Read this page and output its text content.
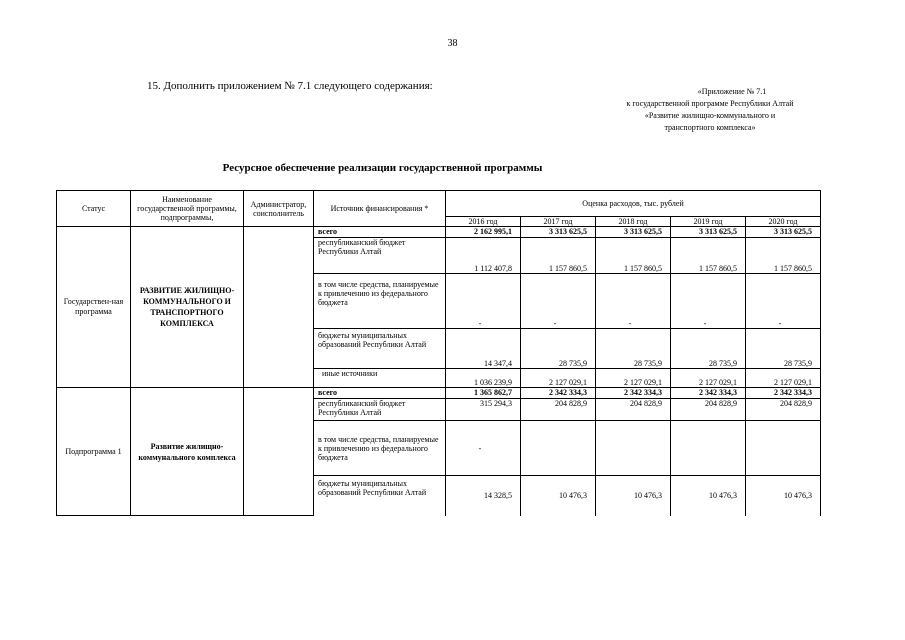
38
15. Дополнить приложением № 7.1 следующего содержания:	«Приложение № 7.1
к государственной программе Республики Алтай
«Развитие жилищно-коммунального и
транспортного комплекса»
Ресурсное обеспечение реализации государственной программы
Статус	Наименование государственной программы, подпрограммы,	Администратор, соисполнитель	Источник финансирования *	Оценка расходов, тыс. рублей				
				2016 год	2017 год	2018 год	2019 год	2020 год
Государствен-ная программа	РАЗВИТИЕ ЖИЛИЩНО-КОММУНАЛЬНОГО И ТРАНСПОРТНОГО КОМПЛЕКСА		всего	2 162 995,1	3 313 625,5	3 313 625,5	3 313 625,5	3 313 625,5
			республиканский бюджет Республики Алтай	1 112 407,8	1 157 860,5	1 157 860,5	1 157 860,5	1 157 860,5
			в том числе средства, планируемые к привлечению из федерального бюджета	-	-	-	-	-
			бюджеты муниципальных образований Республики Алтай	14 347,4	28 735,9	28 735,9	28 735,9	28 735,9
			иные источники	1 036 239,9	2 127 029,1	2 127 029,1	2 127 029,1	2 127 029,1
Подпрограмма 1	Развитие жилищно-коммунального комплекса		всего	1 365 862,7	2 342 334,3	2 342 334,3	2 342 334,3	2 342 334,3
			республиканский бюджет Республики Алтай	315 294,3	204 828,9	204 828,9	204 828,9	204 828,9
			в том числе средства, планируемые к привлечению из федерального бюджета	-				
			бюджеты муниципальных образований Республики Алтай	14 328,5	10 476,3	10 476,3	10 476,3	10 476,3
